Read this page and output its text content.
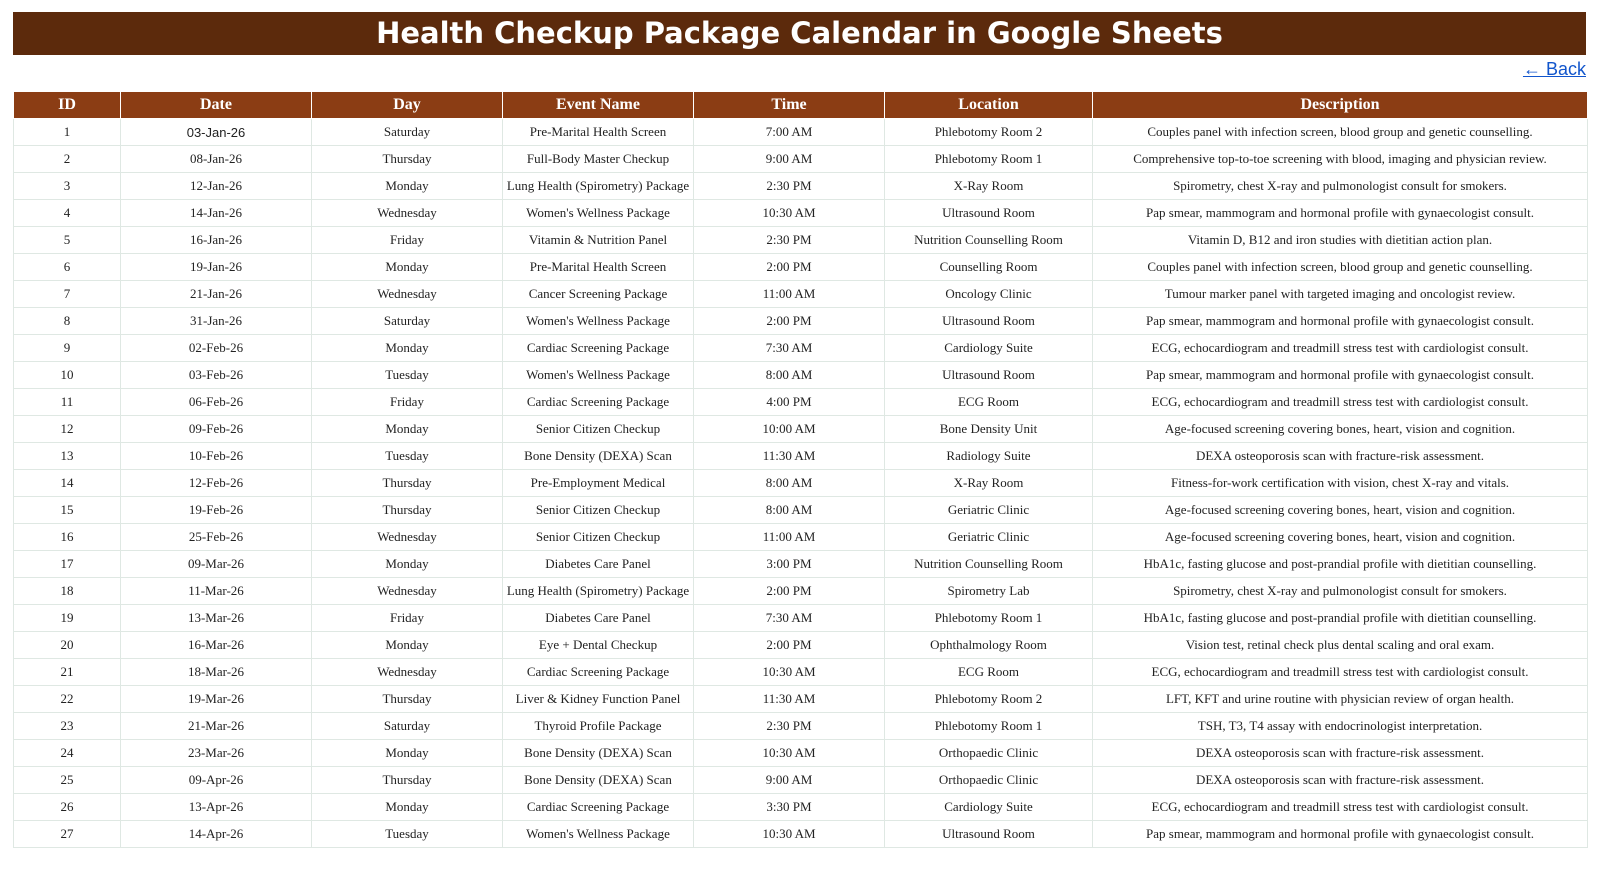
Health Checkup Package Calendar in Google Sheets
← Back
ID	Date	Day	Event Name	Time	Location	Description
1	03-Jan-26	Saturday	Pre-Marital Health Screen	7:00 AM	Phlebotomy Room 2	Couples panel with infection screen, blood group and genetic counselling.
2	08-Jan-26	Thursday	Full-Body Master Checkup	9:00 AM	Phlebotomy Room 1	Comprehensive top-to-toe screening with blood, imaging and physician review.
3	12-Jan-26	Monday	Lung Health (Spirometry) Package	2:30 PM	X-Ray Room	Spirometry, chest X-ray and pulmonologist consult for smokers.
4	14-Jan-26	Wednesday	Women's Wellness Package	10:30 AM	Ultrasound Room	Pap smear, mammogram and hormonal profile with gynaecologist consult.
5	16-Jan-26	Friday	Vitamin & Nutrition Panel	2:30 PM	Nutrition Counselling Room	Vitamin D, B12 and iron studies with dietitian action plan.
6	19-Jan-26	Monday	Pre-Marital Health Screen	2:00 PM	Counselling Room	Couples panel with infection screen, blood group and genetic counselling.
7	21-Jan-26	Wednesday	Cancer Screening Package	11:00 AM	Oncology Clinic	Tumour marker panel with targeted imaging and oncologist review.
8	31-Jan-26	Saturday	Women's Wellness Package	2:00 PM	Ultrasound Room	Pap smear, mammogram and hormonal profile with gynaecologist consult.
9	02-Feb-26	Monday	Cardiac Screening Package	7:30 AM	Cardiology Suite	ECG, echocardiogram and treadmill stress test with cardiologist consult.
10	03-Feb-26	Tuesday	Women's Wellness Package	8:00 AM	Ultrasound Room	Pap smear, mammogram and hormonal profile with gynaecologist consult.
11	06-Feb-26	Friday	Cardiac Screening Package	4:00 PM	ECG Room	ECG, echocardiogram and treadmill stress test with cardiologist consult.
12	09-Feb-26	Monday	Senior Citizen Checkup	10:00 AM	Bone Density Unit	Age-focused screening covering bones, heart, vision and cognition.
13	10-Feb-26	Tuesday	Bone Density (DEXA) Scan	11:30 AM	Radiology Suite	DEXA osteoporosis scan with fracture-risk assessment.
14	12-Feb-26	Thursday	Pre-Employment Medical	8:00 AM	X-Ray Room	Fitness-for-work certification with vision, chest X-ray and vitals.
15	19-Feb-26	Thursday	Senior Citizen Checkup	8:00 AM	Geriatric Clinic	Age-focused screening covering bones, heart, vision and cognition.
16	25-Feb-26	Wednesday	Senior Citizen Checkup	11:00 AM	Geriatric Clinic	Age-focused screening covering bones, heart, vision and cognition.
17	09-Mar-26	Monday	Diabetes Care Panel	3:00 PM	Nutrition Counselling Room	HbA1c, fasting glucose and post-prandial profile with dietitian counselling.
18	11-Mar-26	Wednesday	Lung Health (Spirometry) Package	2:00 PM	Spirometry Lab	Spirometry, chest X-ray and pulmonologist consult for smokers.
19	13-Mar-26	Friday	Diabetes Care Panel	7:30 AM	Phlebotomy Room 1	HbA1c, fasting glucose and post-prandial profile with dietitian counselling.
20	16-Mar-26	Monday	Eye + Dental Checkup	2:00 PM	Ophthalmology Room	Vision test, retinal check plus dental scaling and oral exam.
21	18-Mar-26	Wednesday	Cardiac Screening Package	10:30 AM	ECG Room	ECG, echocardiogram and treadmill stress test with cardiologist consult.
22	19-Mar-26	Thursday	Liver & Kidney Function Panel	11:30 AM	Phlebotomy Room 2	LFT, KFT and urine routine with physician review of organ health.
23	21-Mar-26	Saturday	Thyroid Profile Package	2:30 PM	Phlebotomy Room 1	TSH, T3, T4 assay with endocrinologist interpretation.
24	23-Mar-26	Monday	Bone Density (DEXA) Scan	10:30 AM	Orthopaedic Clinic	DEXA osteoporosis scan with fracture-risk assessment.
25	09-Apr-26	Thursday	Bone Density (DEXA) Scan	9:00 AM	Orthopaedic Clinic	DEXA osteoporosis scan with fracture-risk assessment.
26	13-Apr-26	Monday	Cardiac Screening Package	3:30 PM	Cardiology Suite	ECG, echocardiogram and treadmill stress test with cardiologist consult.
27	14-Apr-26	Tuesday	Women's Wellness Package	10:30 AM	Ultrasound Room	Pap smear, mammogram and hormonal profile with gynaecologist consult.
